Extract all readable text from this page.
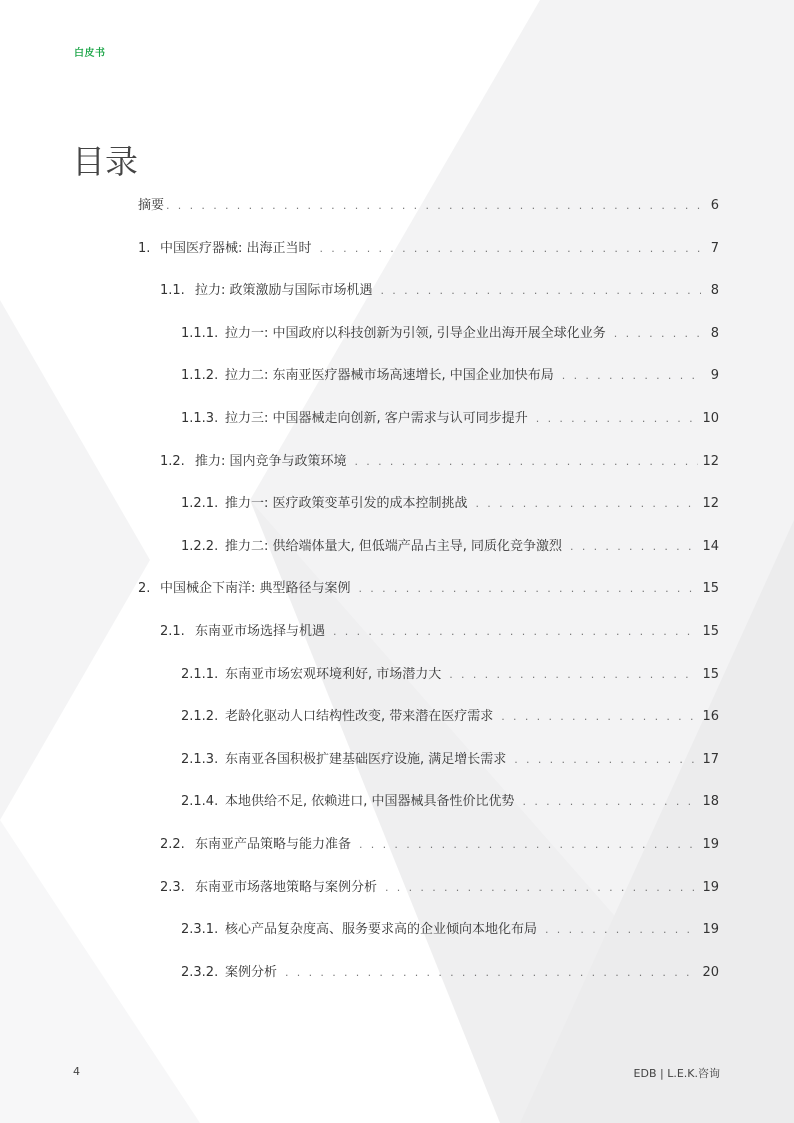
白皮书
目录
摘要 . . .	6
1. 中国医疗器械: 出海正当时 . . .	7
1.1. 拉力: 政策激励与国际市场机遇 . . .	8
1.1.1. 拉力一: 中国政府以科技创新为引领, 引导企业出海开展全球化业务 . . .	8
1.1.2. 拉力二: 东南亚医疗器械市场高速增长, 中国企业加快布局 . . .	9
1.1.3. 拉力三: 中国器械走向创新, 客户需求与认可同步提升 . . .	10
1.2. 推力: 国内竞争与政策环境 . . .	12
1.2.1. 推力一: 医疗政策变革引发的成本控制挑战 . . .	12
1.2.2. 推力二: 供给端体量大, 但低端产品占主导, 同质化竞争激烈 . . .	14
2. 中国械企下南洋: 典型路径与案例 . . .	15
2.1. 东南亚市场选择与机遇 . . .	15
2.1.1. 东南亚市场宏观环境利好, 市场潜力大 . . .	15
2.1.2. 老龄化驱动人口结构性改变, 带来潜在医疗需求 . . .	16
2.1.3. 东南亚各国积极扩建基础医疗设施, 满足增长需求 . . .	17
2.1.4. 本地供给不足, 依赖进口, 中国器械具备性价比优势 . . .	18
2.2. 东南亚产品策略与能力准备 . . .	19
2.3. 东南亚市场落地策略与案例分析 . . .	19
2.3.1. 核心产品复杂度高、服务要求高的企业倾向本地化布局 . . .	19
2.3.2. 案例分析 . . .	20
4	EDB | L.E.K.咨询
